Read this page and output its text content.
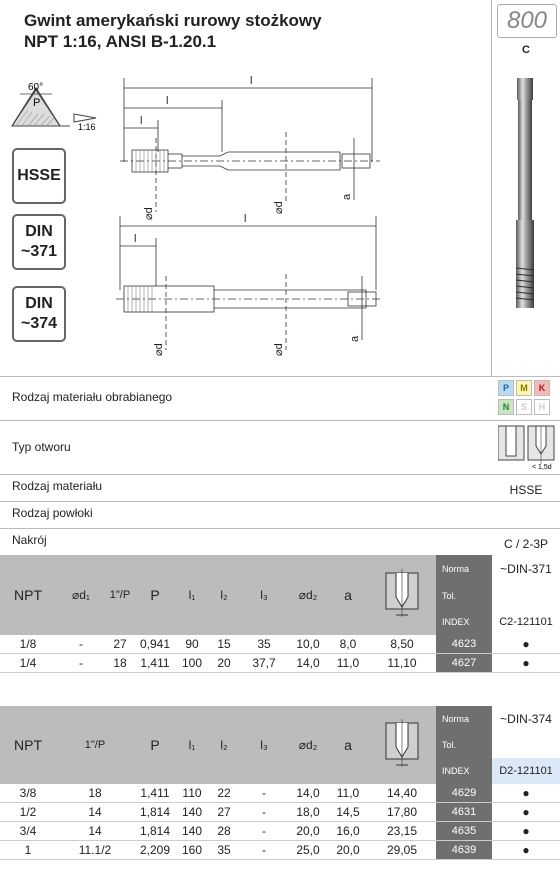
Gwint amerykański rurowy stożkowy
NPT 1:16, ANSI B-1.20.1
800
C
60°
P
1:16
HSSE
DIN
~371
DIN
~374
l
l
l
⌀d	⌀d
a
l
l
⌀d	⌀d
a
Rodzaj materiału obrabianego
P	M	K
N	S	H
Typ otworu
< 1,5d
Rodzaj materiału	HSSE
Rodzaj powłoki
Nakrój	C / 2-3P
NPT	⌀d₁	1"/P	P	l₁	l₂	l₃	⌀d₂	a		Norma	~DIN-371
										Tol.	
										INDEX	C2-121101
1/8	-	27	0,941	90	15	35	10,0	8,0	8,50	4623	●
1/4	-	18	1,411	100	20	37,7	14,0	11,0	11,10	4627	●
NPT	1"/P	P	l₁	l₂	l₃	⌀d₂	a		Norma	~DIN-374
									Tol.	
									INDEX	D2-121101
3/8	18	1,411	110	22	-	14,0	11,0	14,40	4629	●
1/2	14	1,814	140	27	-	18,0	14,5	17,80	4631	●
3/4	14	1,814	140	28	-	20,0	16,0	23,15	4635	●
1	11.1/2	2,209	160	35	-	25,0	20,0	29,05	4639	●
